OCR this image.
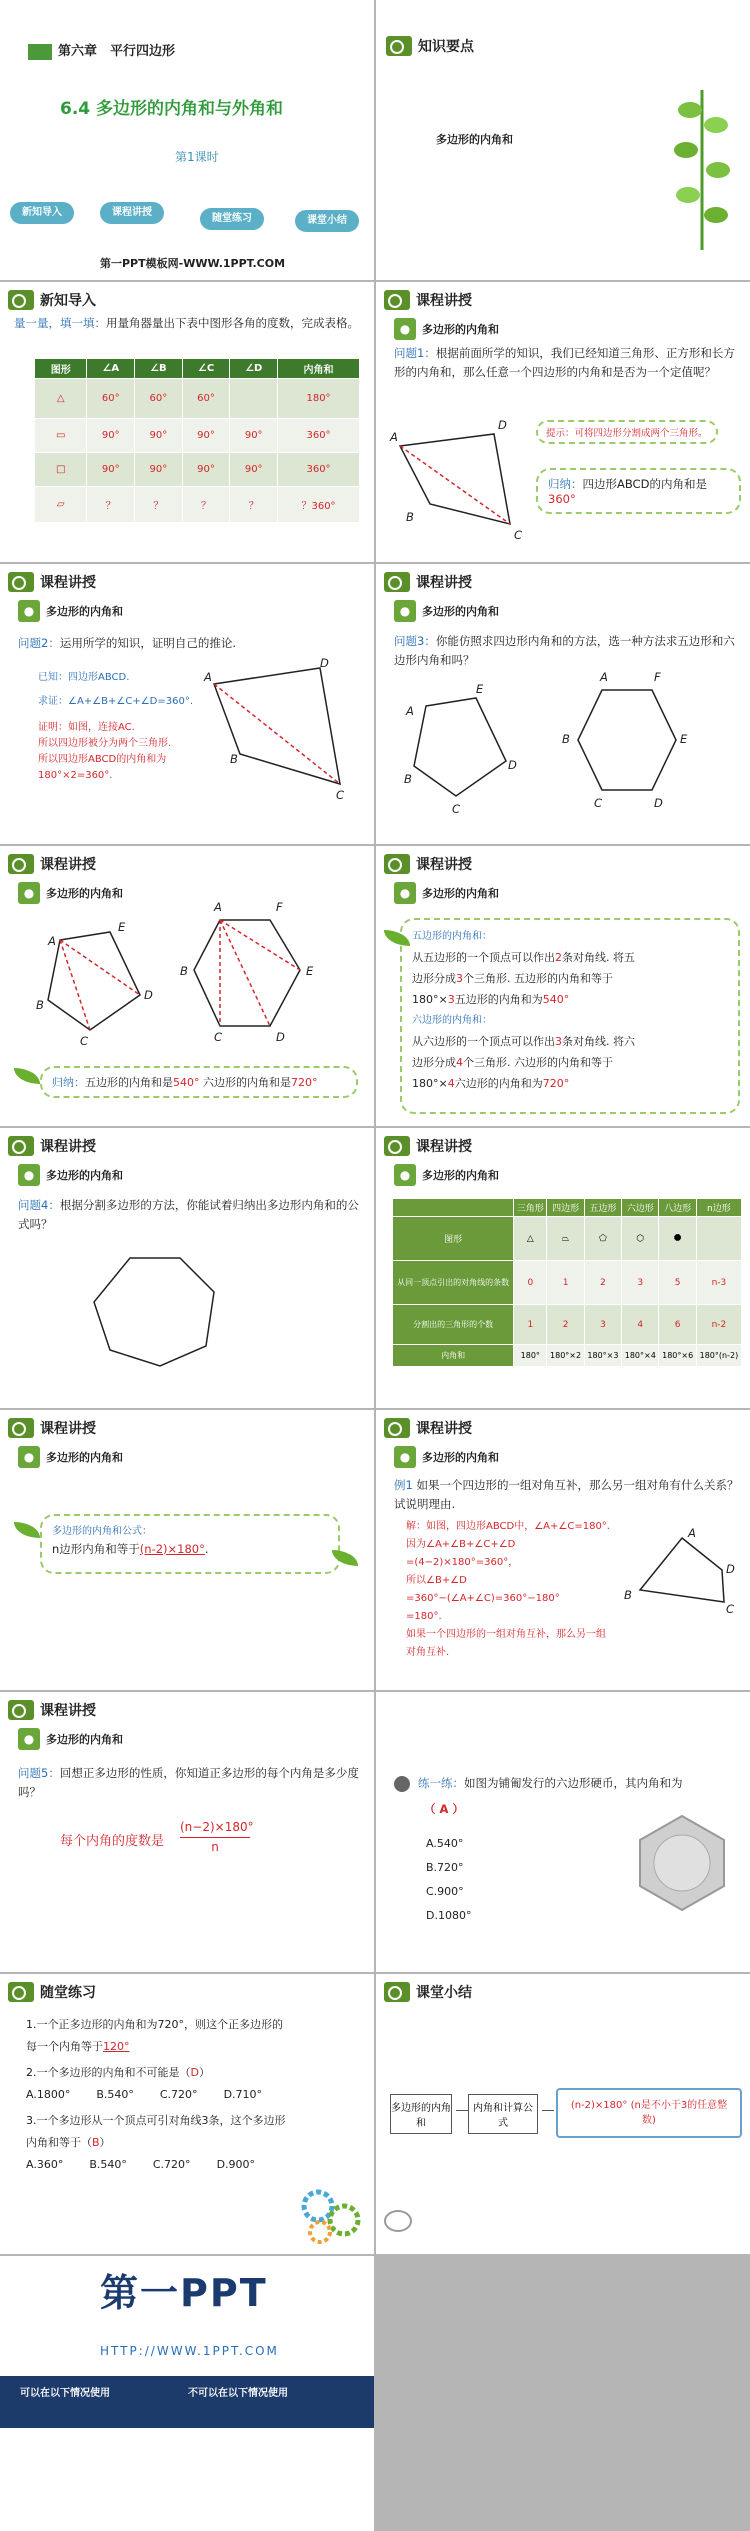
第六章　平行四边形
6.4 多边形的内角和与外角和
第1课时
新知导入	课程讲授
随堂练习	课堂小结
第一PPT模板网-WWW.1PPT.COM
知识要点
多边形的内角和
新知导入
量一量，填一填：用量角器量出下表中图形各角的度数，完成表格。
图形	∠A	∠B	∠C	∠D	内角和
△	60°	60°	60°		180°
▭	90°	90°	90°	90°	360°
□	90°	90°	90°	90°	360°
▱	？	？	？	？	？360°
课程讲授
●	多边形的内角和
问题1：根据前面所学的知识，我们已经知道三角形、正方形和长方形的内角和，那么任意一个四边形的内角和是否为一个定值呢？
A
B
C
D
提示：可将四边形分割成两个三角形。
归纳：四边形ABCD的内角和是
360°
课程讲授
●	多边形的内角和
问题2：运用所学的知识，证明自己的推论.
已知：四边形ABCD.
求证：∠A+∠B+∠C+∠D=360°.
证明：如图，连接AC.
所以四边形被分为两个三角形.
所以四边形ABCD的内角和为
180°×2=360°.
A
B
C
D
课程讲授
●	多边形的内角和
问题3：你能仿照求四边形内角和的方法，选一种方法求五边形和六边形内角和吗？
A
B
C
D
E
A	F
E
D
C
B
课程讲授
●	多边形的内角和
A
E
D
C
B
A	F
E
D
C
B
归纳：五边形的内角和是540° 六边形的内角和是720°
课程讲授
●	多边形的内角和
五边形的内角和：
从五边形的一个顶点可以作出2条对角线. 将五
边形分成3个三角形. 五边形的内角和等于
180°×3五边形的内角和为540°
六边形的内角和：
从六边形的一个顶点可以作出3条对角线. 将六
边形分成4个三角形. 六边形的内角和等于
180°×4六边形的内角和为720°
课程讲授
●	多边形的内角和
问题4：根据分割多边形的方法，你能试着归纳出多边形内角和的公式吗？
课程讲授
●	多边形的内角和
	三角形	四边形	五边形	六边形	八边形	n边形
图形	△	⏢	⬠	⬡	⯃	
从同一顶点引出的对角线的条数	0	1	2	3	5	n-3
分割出的三角形的个数	1	2	3	4	6	n-2
内角和	180°	180°×2	180°×3	180°×4	180°×6	180°(n-2)
课程讲授
●	多边形的内角和
多边形的内角和公式：
n边形内角和等于(n-2)×180°.
课程讲授
●	多边形的内角和
例1 如果一个四边形的一组对角互补，那么另一组对角有什么关系？试说明理由.
解：如图，四边形ABCD中，∠A+∠C=180°.
因为∠A+∠B+∠C+∠D
=(4−2)×180°=360°，
所以∠B+∠D
=360°−(∠A+∠C)=360°−180°
=180°.
如果一个四边形的一组对角互补，那么另一组
对角互补.
A
B
C
D
课程讲授
●	多边形的内角和
问题5：回想正多边形的性质，你知道正多边形的每个内角是多少度吗？
每个内角的度数是 $\frac{(n-2)\times 180^\circ}{n}$
练一练：如图为铺匍发行的六边形硬币，其内角和为
（ A ）
A.540°
B.720°
C.900°
D.1080°
随堂练习
1.一个正多边形的内角和为720°，则这个正多边形的
每一个内角等于120°
2.一个多边形的内角和不可能是（D）
A.1800° B.540° C.720° D.710°
3.一个多边形从一个顶点可引对角线3条，这个多边形
内角和等于（B）
A.360° B.540° C.720° D.900°
课堂小结
多边形的内角和
内角和计算公式
(n-2)×180° (n是不小于3的任意整数)
第一PPT
HTTP://WWW.1PPT.COM
可以在以下情况使用	不可以在以下情况使用
